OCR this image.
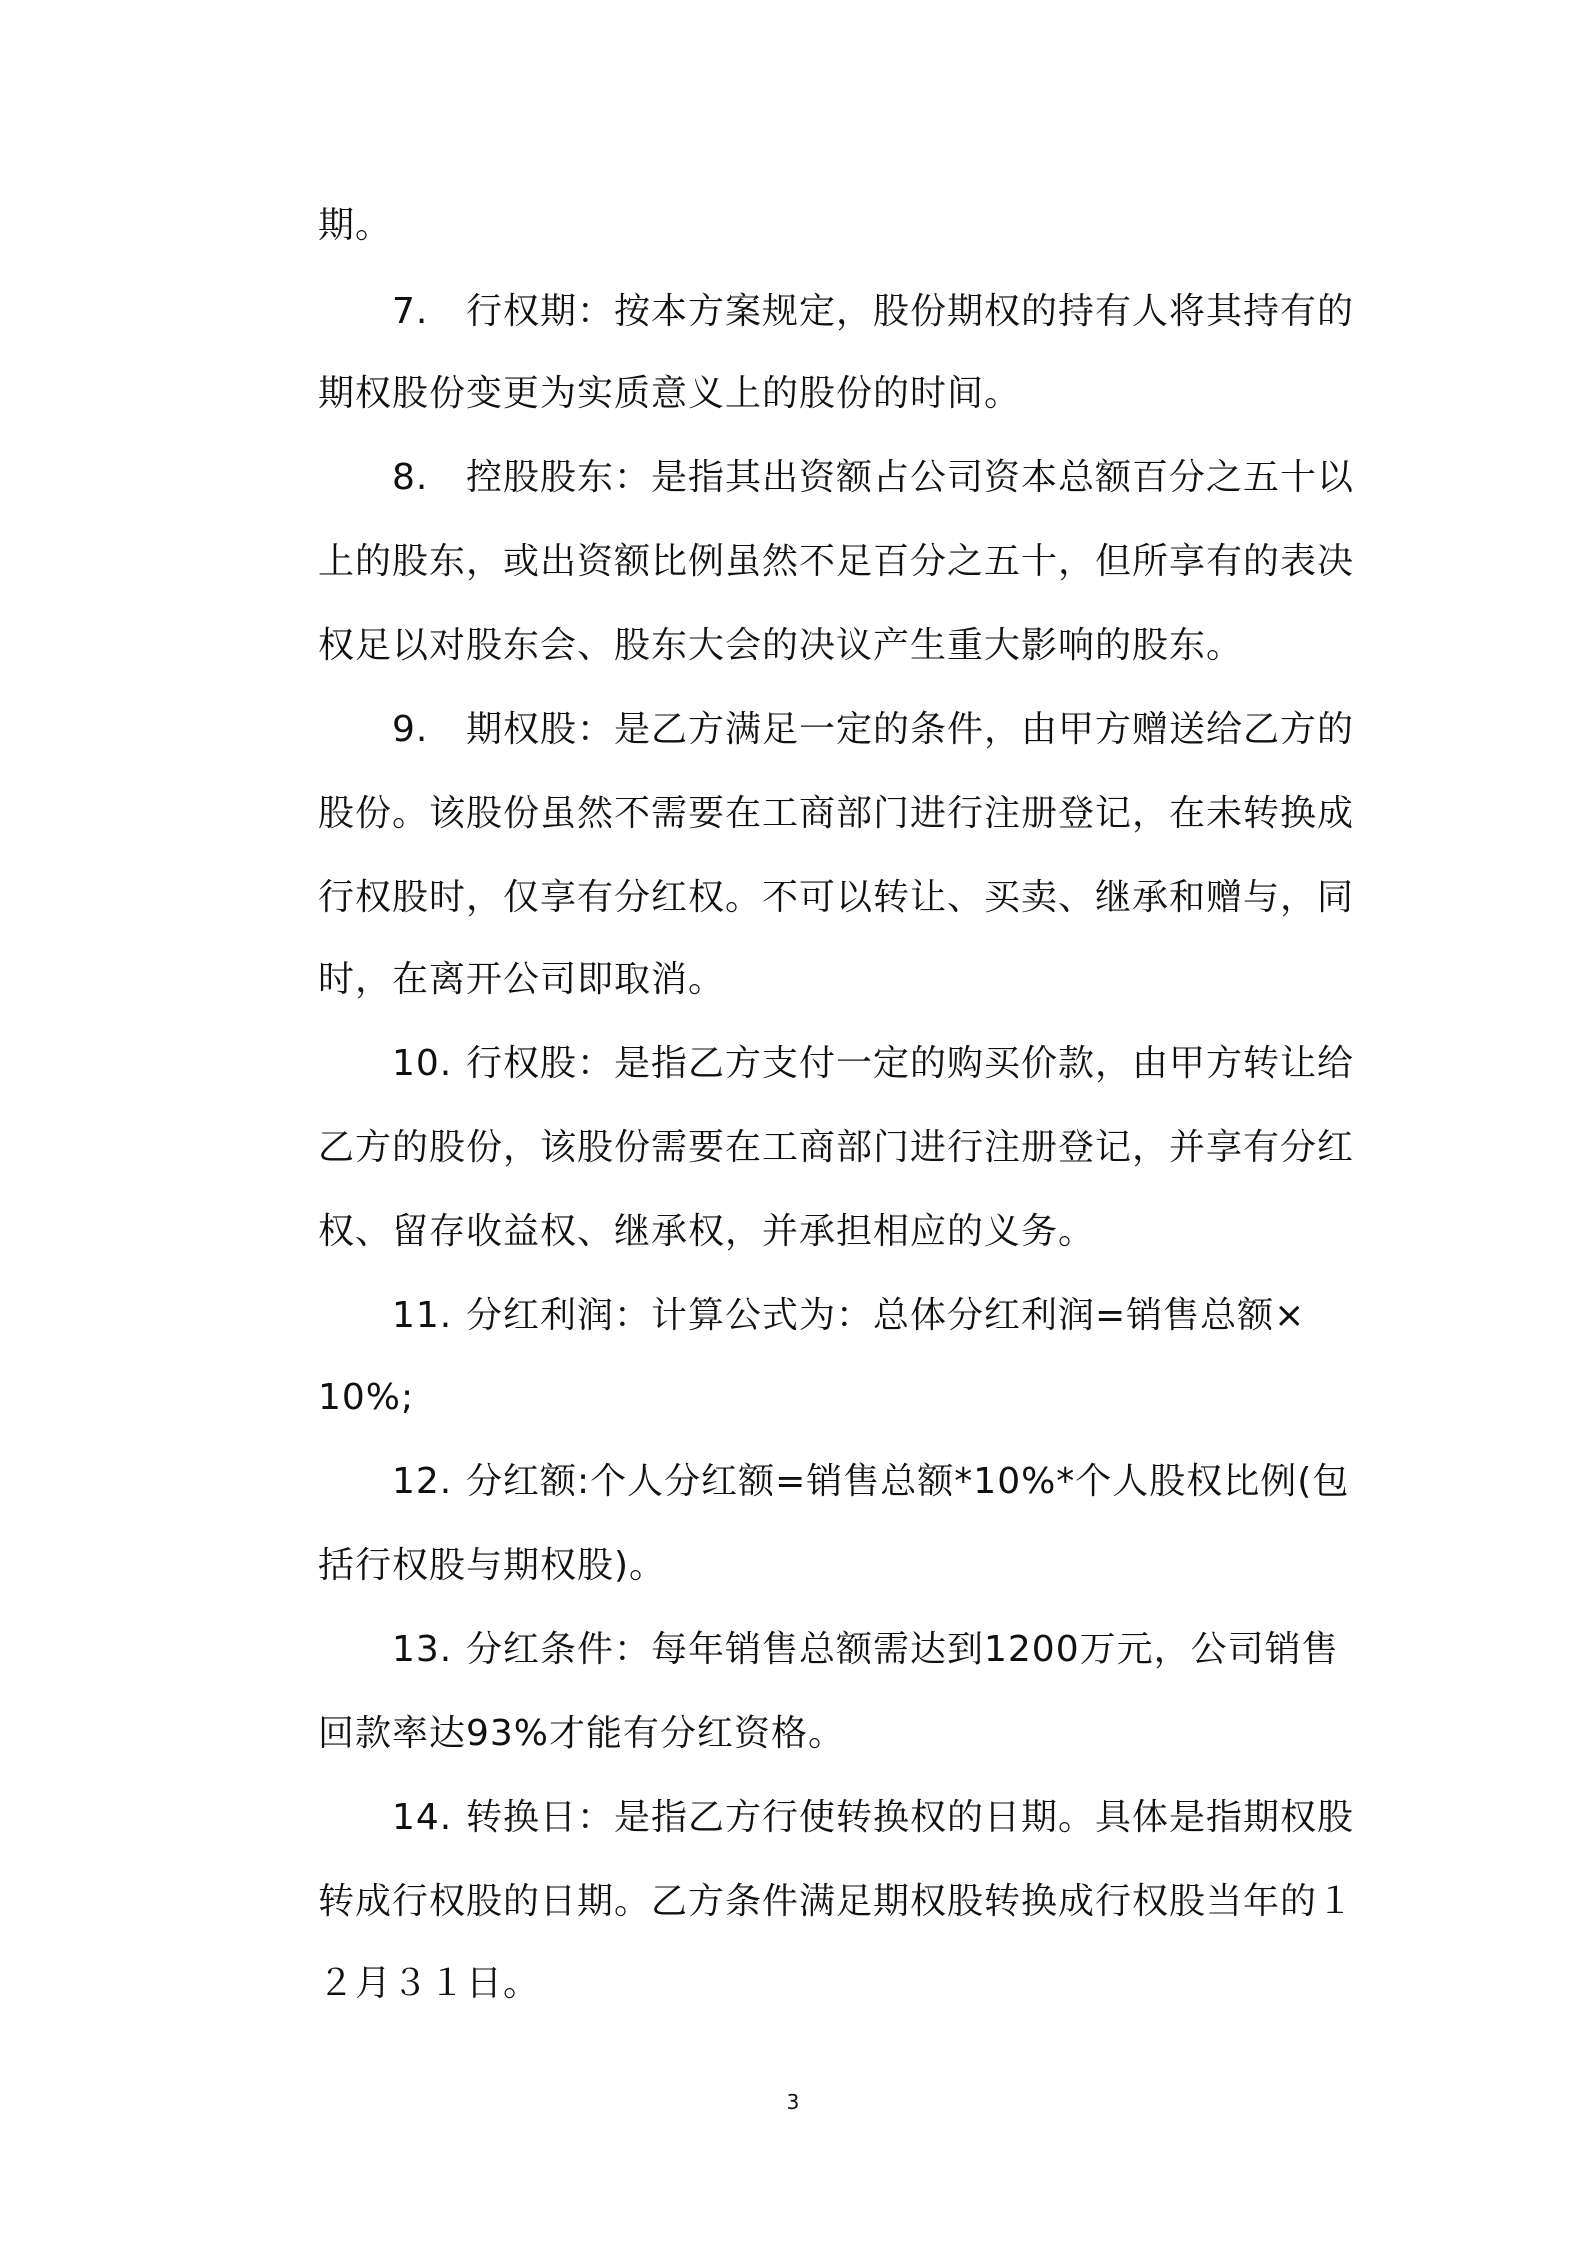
期。
7. 行权期：按本方案规定，股份期权的持有人将其持有的
期权股份变更为实质意义上的股份的时间。
8. 控股股东：是指其出资额占公司资本总额百分之五十以
上的股东，或出资额比例虽然不足百分之五十，但所享有的表决
权足以对股东会、股东大会的决议产生重大影响的股东。
9. 期权股：是乙方满足一定的条件，由甲方赠送给乙方的
股份。该股份虽然不需要在工商部门进行注册登记，在未转换成
行权股时，仅享有分红权。不可以转让、买卖、继承和赠与，同
时，在离开公司即取消。
10. 行权股：是指乙方支付一定的购买价款，由甲方转让给
乙方的股份，该股份需要在工商部门进行注册登记，并享有分红
权、留存收益权、继承权，并承担相应的义务。
11. 分红利润：计算公式为：总体分红利润=销售总额×
10%;
12. 分红额:个人分红额=销售总额*10%*个人股权比例(包
括行权股与期权股)。
13. 分红条件：每年销售总额需达到1200万元，公司销售
回款率达93%才能有分红资格。
14. 转换日：是指乙方行使转换权的日期。具体是指期权股
转成行权股的日期。乙方条件满足期权股转换成行权股当年的１
２月３１日。
3
